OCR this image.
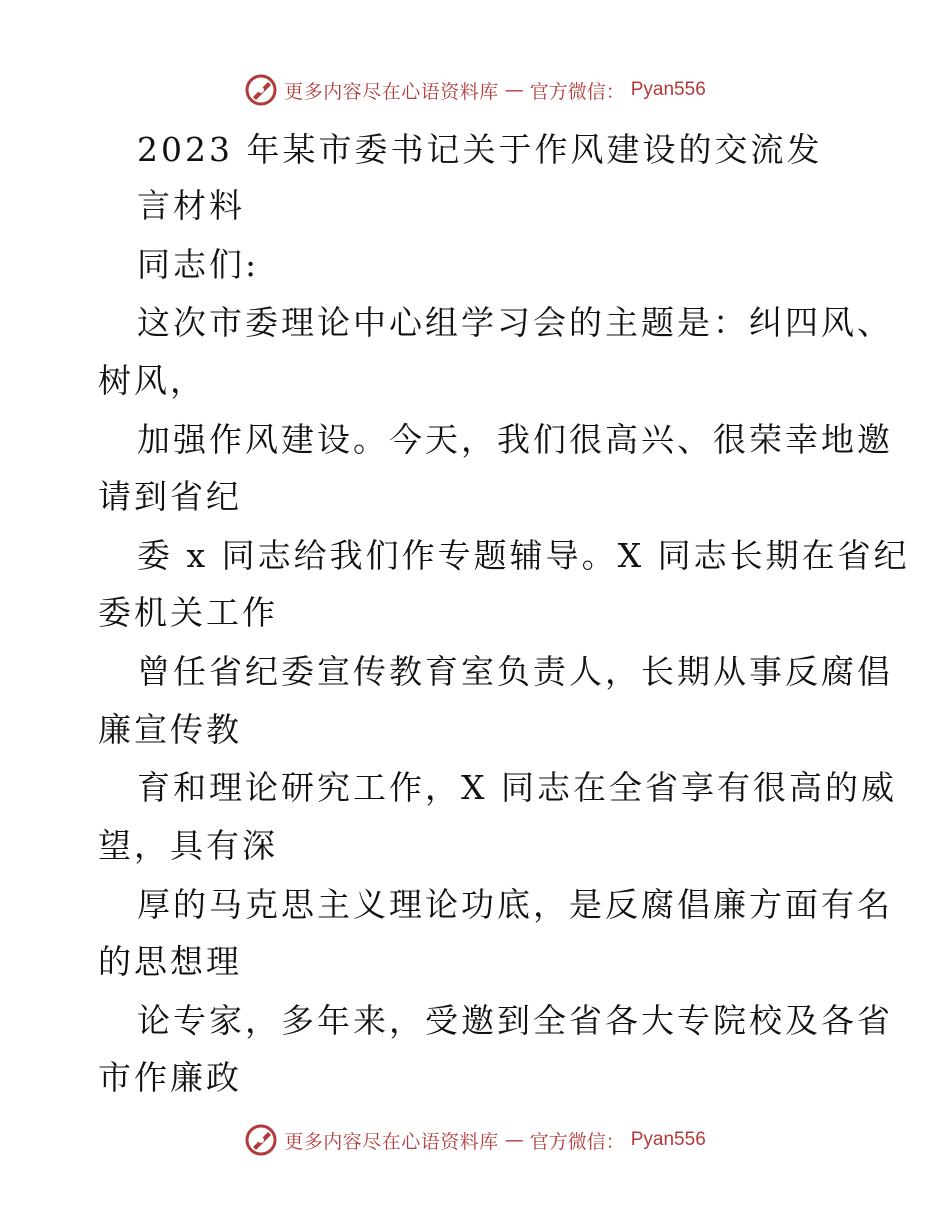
更多内容尽在心语资料库 — 官方微信： Pyan556
2023 年某市委书记关于作风建设的交流发
言材料
同志们:
这次市委理论中心组学习会的主题是：纠四风、
树风，
加强作风建设。今天，我们很高兴、很荣幸地邀
请到省纪
委 x 同志给我们作专题辅导。X 同志长期在省纪
委机关工作
曾任省纪委宣传教育室负责人，长期从事反腐倡
廉宣传教
育和理论研究工作，X 同志在全省享有很高的威
望，具有深
厚的马克思主义理论功底，是反腐倡廉方面有名
的思想理
论专家，多年来，受邀到全省各大专院校及各省
市作廉政
更多内容尽在心语资料库 — 官方微信： Pyan556
